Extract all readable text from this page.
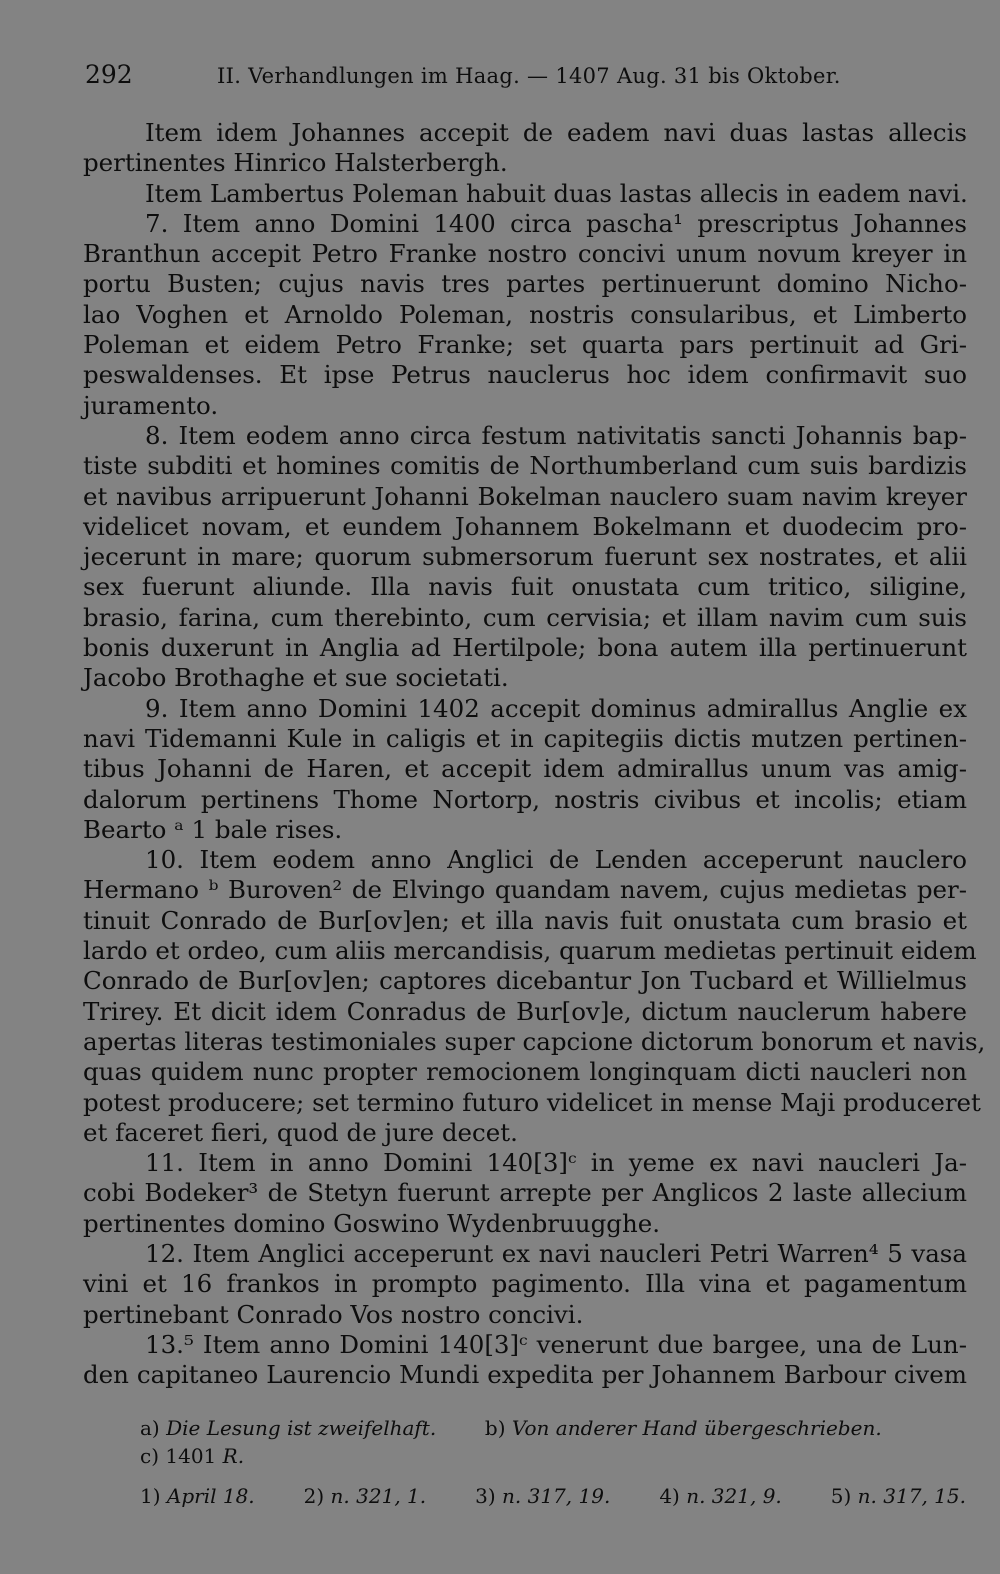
292	II. Verhandlungen im Haag. — 1407 Aug. 31 bis Oktober.
Item idem Johannes accepit de eadem navi duas lastas allecis
pertinentes Hinrico Halsterbergh.
Item Lambertus Poleman habuit duas lastas allecis in eadem navi.
7. Item anno Domini 1400 circa pascha¹ prescriptus Johannes
Branthun accepit Petro Franke nostro concivi unum novum kreyer in
portu Busten; cujus navis tres partes pertinuerunt domino Nicho-
lao Voghen et Arnoldo Poleman, nostris consularibus, et Limberto
Poleman et eidem Petro Franke; set quarta pars pertinuit ad Gri-
peswaldenses. Et ipse Petrus nauclerus hoc idem confirmavit suo
juramento.
8. Item eodem anno circa festum nativitatis sancti Johannis bap-
tiste subditi et homines comitis de Northumberland cum suis bardizis
et navibus arripuerunt Johanni Bokelman nauclero suam navim kreyer
videlicet novam, et eundem Johannem Bokelmann et duodecim pro-
jecerunt in mare; quorum submersorum fuerunt sex nostrates, et alii
sex fuerunt aliunde. Illa navis fuit onustata cum tritico, siligine,
brasio, farina, cum therebinto, cum cervisia; et illam navim cum suis
bonis duxerunt in Anglia ad Hertilpole; bona autem illa pertinuerunt
Jacobo Brothaghe et sue societati.
9. Item anno Domini 1402 accepit dominus admirallus Anglie ex
navi Tidemanni Kule in caligis et in capitegiis dictis mutzen pertinen-
tibus Johanni de Haren, et accepit idem admirallus unum vas amig-
dalorum pertinens Thome Nortorp, nostris civibus et incolis; etiam
Bearto ᵃ 1 bale rises.
10. Item eodem anno Anglici de Lenden acceperunt nauclero
Hermano ᵇ Buroven² de Elvingo quandam navem, cujus medietas per-
tinuit Conrado de Bur[ov]en; et illa navis fuit onustata cum brasio et
lardo et ordeo, cum aliis mercandisis, quarum medietas pertinuit eidem
Conrado de Bur[ov]en; captores dicebantur Jon Tucbard et Willielmus
Trirey. Et dicit idem Conradus de Bur[ov]e, dictum nauclerum habere
apertas literas testimoniales super capcione dictorum bonorum et navis,
quas quidem nunc propter remocionem longinquam dicti naucleri non
potest producere; set termino futuro videlicet in mense Maji produceret
et faceret fieri, quod de jure decet.
11. Item in anno Domini 140[3]ᶜ in yeme ex navi naucleri Ja-
cobi Bodeker³ de Stetyn fuerunt arrepte per Anglicos 2 laste allecium
pertinentes domino Goswino Wydenbruugghe.
12. Item Anglici acceperunt ex navi naucleri Petri Warren⁴ 5 vasa
vini et 16 frankos in prompto pagimento. Illa vina et pagamentum
pertinebant Conrado Vos nostro concivi.
13.⁵ Item anno Domini 140[3]ᶜ venerunt due bargee, una de Lun-
den capitaneo Laurencio Mundi expedita per Johannem Barbour civem
a) Die Lesung ist zweifelhaft. b) Von anderer Hand übergeschrieben.
c) 1401 R.
1) April 18. 2) n. 321, 1. 3) n. 317, 19. 4) n. 321, 9. 5) n. 317, 15.
